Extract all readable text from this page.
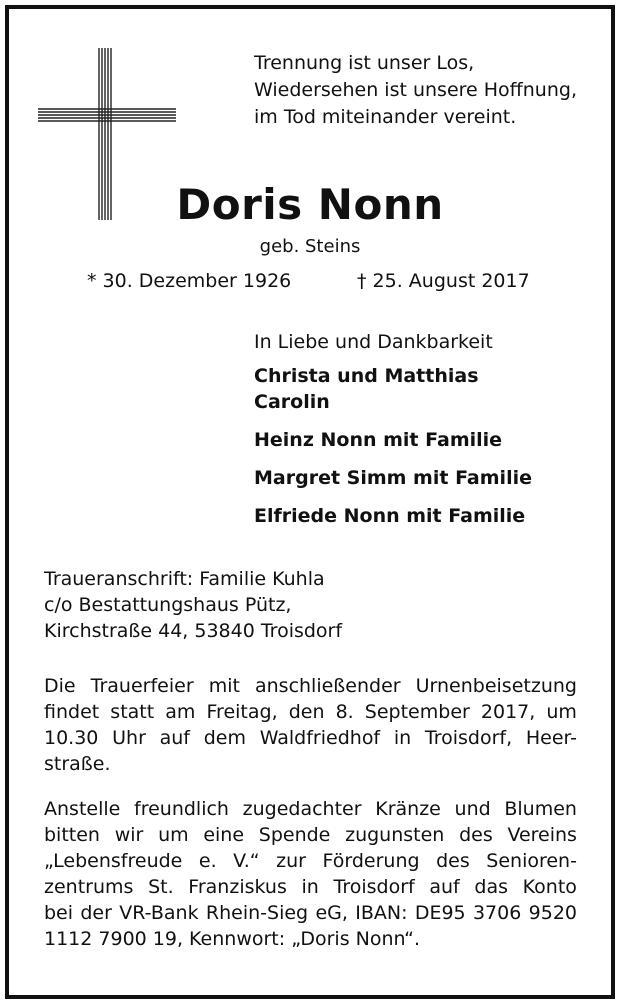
Trennung ist unser Los,
Wiedersehen ist unsere Hoffnung,
im Tod miteinander vereint.
Doris Nonn
geb. Steins
* 30. Dezember 1926	† 25. August 2017
In Liebe und Dankbarkeit
Christa und Matthias
Carolin
Heinz Nonn mit Familie
Margret Simm mit Familie
Elfriede Nonn mit Familie
Traueranschrift: Familie Kuhla
c/o Bestattungshaus Pütz,
Kirchstraße 44, 53840 Troisdorf
Die Trauerfeier mit anschließender Urnenbeisetzung
findet statt am Freitag, den 8. September 2017, um
10.30 Uhr auf dem Waldfriedhof in Troisdorf, Heer-
straße.
Anstelle freundlich zugedachter Kränze und Blumen
bitten wir um eine Spende zugunsten des Vereins
„Lebensfreude e. V.“ zur Förderung des Senioren-
zentrums St. Franziskus in Troisdorf auf das Konto
bei der VR-Bank Rhein-Sieg eG, IBAN: DE95 3706 9520
1112 7900 19, Kennwort: „Doris Nonn“.
